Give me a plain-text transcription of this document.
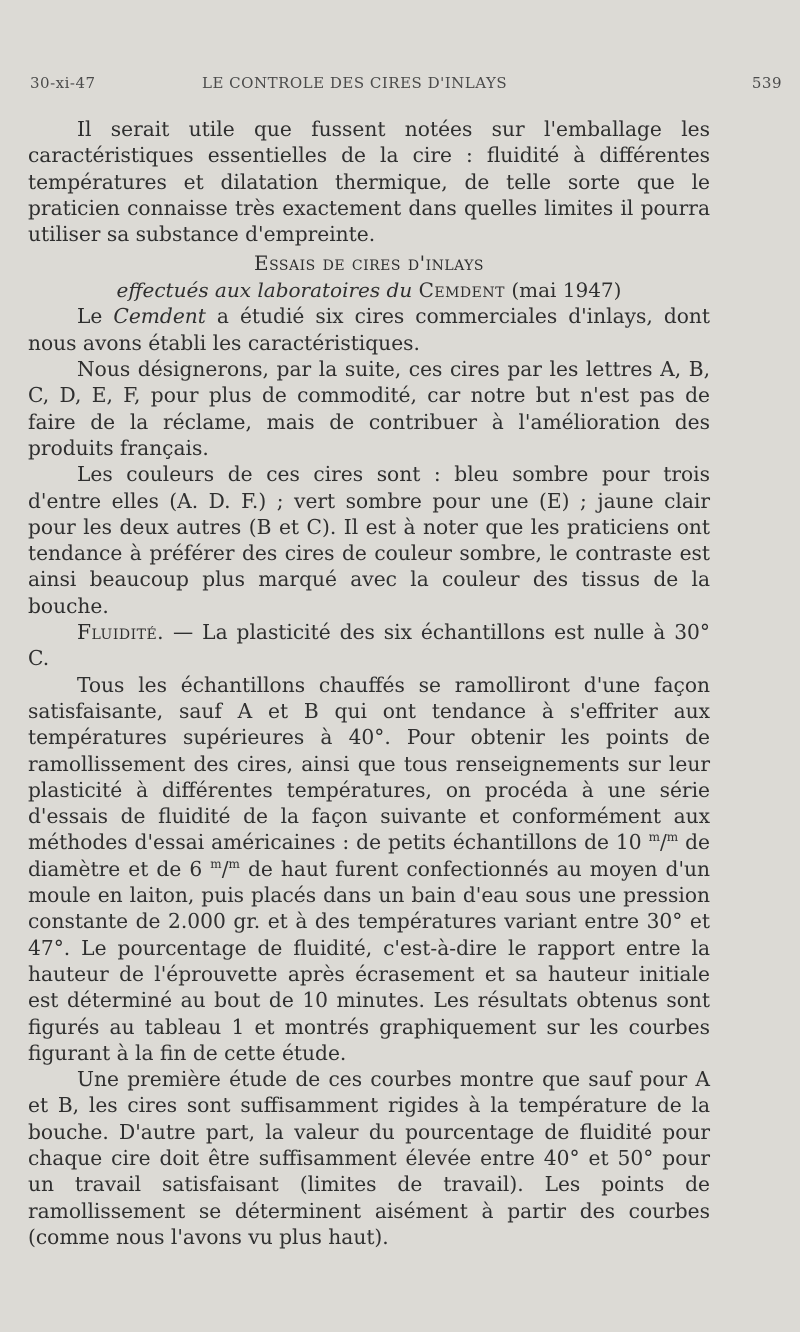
30-xi-47	LE CONTROLE DES CIRES D'INLAYS	539

Il serait utile que fussent notées sur l'emballage les caractéristiques essentielles de la cire : fluidité à différentes températures et dilatation thermique, de telle sorte que le praticien connaisse très exactement dans quelles limites il pourra utiliser sa substance d'empreinte.

Essais de cires d'inlays
effectués aux laboratoires du Cemdent (mai 1947)

Le Cemdent a étudié six cires commerciales d'inlays, dont nous avons établi les caractéristiques.

Nous désignerons, par la suite, ces cires par les lettres A, B, C, D, E, F, pour plus de commodité, car notre but n'est pas de faire de la réclame, mais de contribuer à l'amélioration des produits français.

Les couleurs de ces cires sont : bleu sombre pour trois d'entre elles (A. D. F.) ; vert sombre pour une (E) ; jaune clair pour les deux autres (B et C). Il est à noter que les praticiens ont tendance à préférer des cires de couleur sombre, le contraste est ainsi beaucoup plus marqué avec la couleur des tissus de la bouche.

Fluidité. — La plasticité des six échantillons est nulle à 30° C.

Tous les échantillons chauffés se ramolliront d'une façon satisfaisante, sauf A et B qui ont tendance à s'effriter aux températures supérieures à 40°. Pour obtenir les points de ramollissement des cires, ainsi que tous renseignements sur leur plasticité à différentes températures, on procéda à une série d'essais de fluidité de la façon suivante et conformément aux méthodes d'essai américaines : de petits échantillons de 10 $^m$/$^m$ de diamètre et de 6 $^m$/$^m$ de haut furent confectionnés au moyen d'un moule en laiton, puis placés dans un bain d'eau sous une pression constante de 2.000 gr. et à des températures variant entre 30° et 47°. Le pourcentage de fluidité, c'est-à-dire le rapport entre la hauteur de l'éprouvette après écrasement et sa hauteur initiale est déterminé au bout de 10 minutes. Les résultats obtenus sont figurés au tableau 1 et montrés graphiquement sur les courbes figurant à la fin de cette étude.

Une première étude de ces courbes montre que sauf pour A et B, les cires sont suffisamment rigides à la température de la bouche. D'autre part, la valeur du pourcentage de fluidité pour chaque cire doit être suffisamment élevée entre 40° et 50° pour un travail satisfaisant (limites de travail). Les points de ramollissement se déterminent aisément à partir des courbes (comme nous l'avons vu plus haut).
